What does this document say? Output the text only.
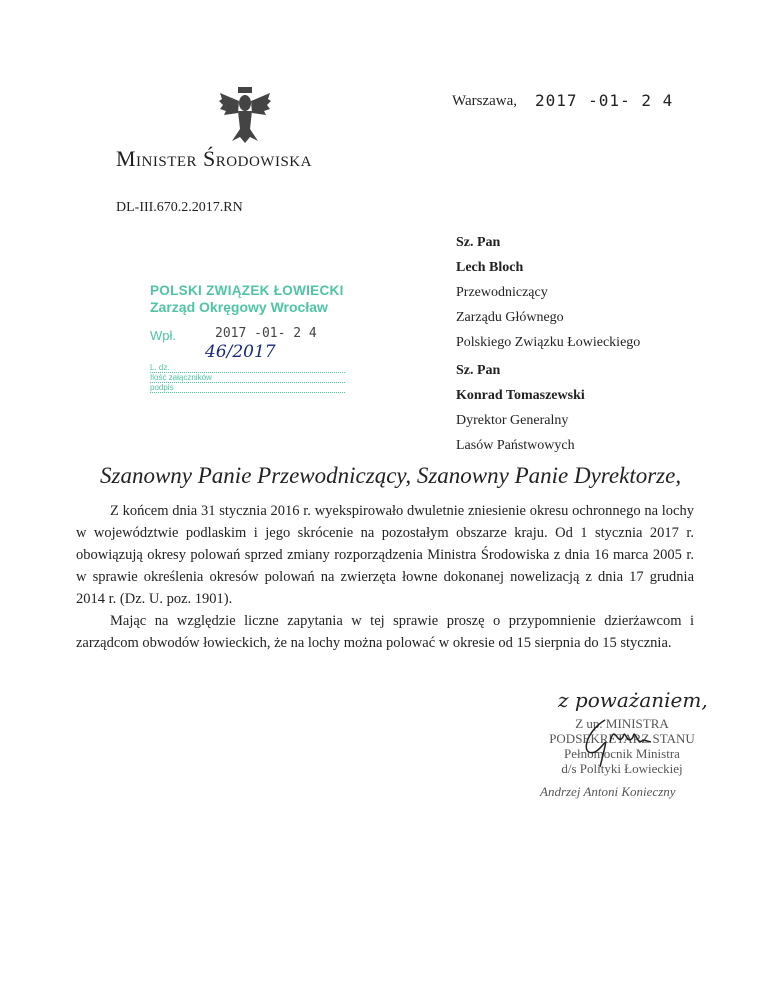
Warszawa, 2017 -01- 2 4
Minister Środowiska
DL-III.670.2.2017.RN
Sz. Pan
Lech Bloch
Przewodniczący
Zarządu Głównego
Polskiego Związku Łowieckiego
Sz. Pan
Konrad Tomaszewski
Dyrektor Generalny
Lasów Państwowych
POLSKI ZWIĄZEK ŁOWIECKI
Zarząd Okręgowy Wrocław
Wpł.	2017 -01- 2 4
46/2017
L. dz.
Ilość załączników
podpis
Szanowny Panie Przewodniczący, Szanowny Panie Dyrektorze,

Z końcem dnia 31 stycznia 2016 r. wyekspirowało dwuletnie zniesienie okresu ochronnego na lochy w województwie podlaskim i jego skrócenie na pozostałym obszarze kraju. Od 1 stycznia 2017 r. obowiązują okresy polowań sprzed zmiany rozporządzenia Ministra Środowiska z dnia 16 marca 2005 r. w sprawie określenia okresów polowań na zwierzęta łowne dokonanej nowelizacją z dnia 17 grudnia 2014 r. (Dz. U. poz. 1901).

Mając na względzie liczne zapytania w tej sprawie proszę o przypomnienie dzierżawcom i zarządcom obwodów łowieckich, że na lochy można polować w okresie od 15 sierpnia do 15 stycznia.

z poważaniem,
Z up. MINISTRA
PODSEKRETARZ STANU
Pełnomocnik Ministra
d/s Polityki Łowieckiej
Andrzej Antoni Konieczny
